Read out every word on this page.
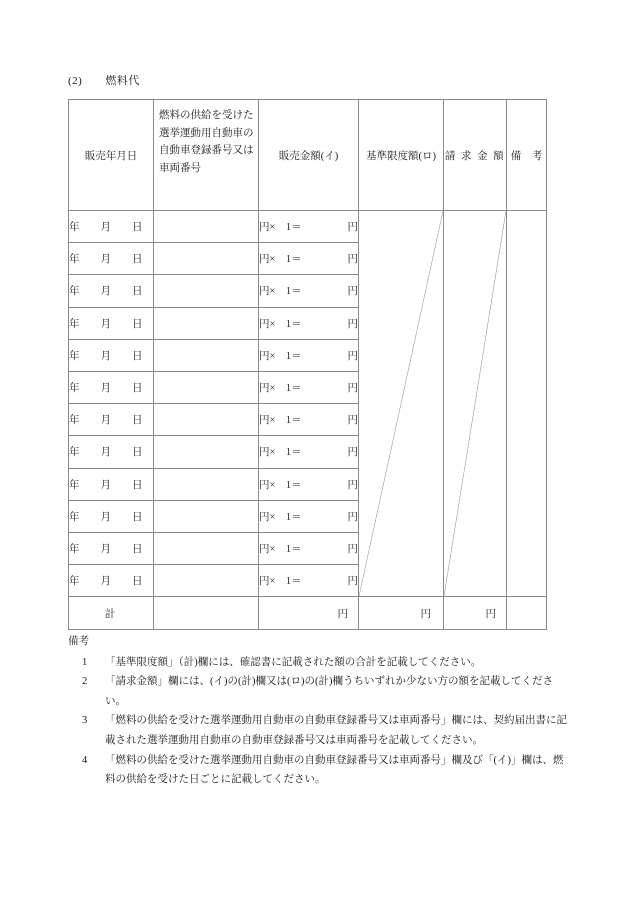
(2)　　 燃料代
販売年月日	燃料の供給を受けた選挙運動用自動車の自動車登録番号又は車両番号	販売金額(イ)	基準限度額(ロ)	請 求 金 額	備　考
年　　月　　日		円×　1＝ 円

年　　月　　日		円×　1＝ 円			

年　　月　　日		円×　1＝ 円			

年　　月　　日		円×　1＝ 円			

年　　月　　日		円×　1＝ 円			

年　　月　　日		円×　1＝ 円			

年　　月　　日		円×　1＝ 円			

年　　月　　日		円×　1＝ 円			

年　　月　　日		円×　1＝ 円			

年　　月　　日		円×　1＝ 円			

年　　月　　日		円×　1＝ 円			

年　　月　　日		円×　1＝ 円			

計		円	円	円	
備考
1	「基準限度額」（計)欄には、確認書に記載された額の合計を記載してください。
2	「請求金額」欄には、(イ)の(計)欄又は(ロ)の(計)欄うちいずれか少ない方の額を記載してください。
3	「燃料の供給を受けた選挙運動用自動車の自動車登録番号又は車両番号」欄には、契約届出書に記載された選挙運動用自動車の自動車登録番号又は車両番号を記載してください。
4	「燃料の供給を受けた選挙運動用自動車の自動車登録番号又は車両番号」欄及び「(イ)」欄は、燃料の供給を受けた日ごとに記載してください。
